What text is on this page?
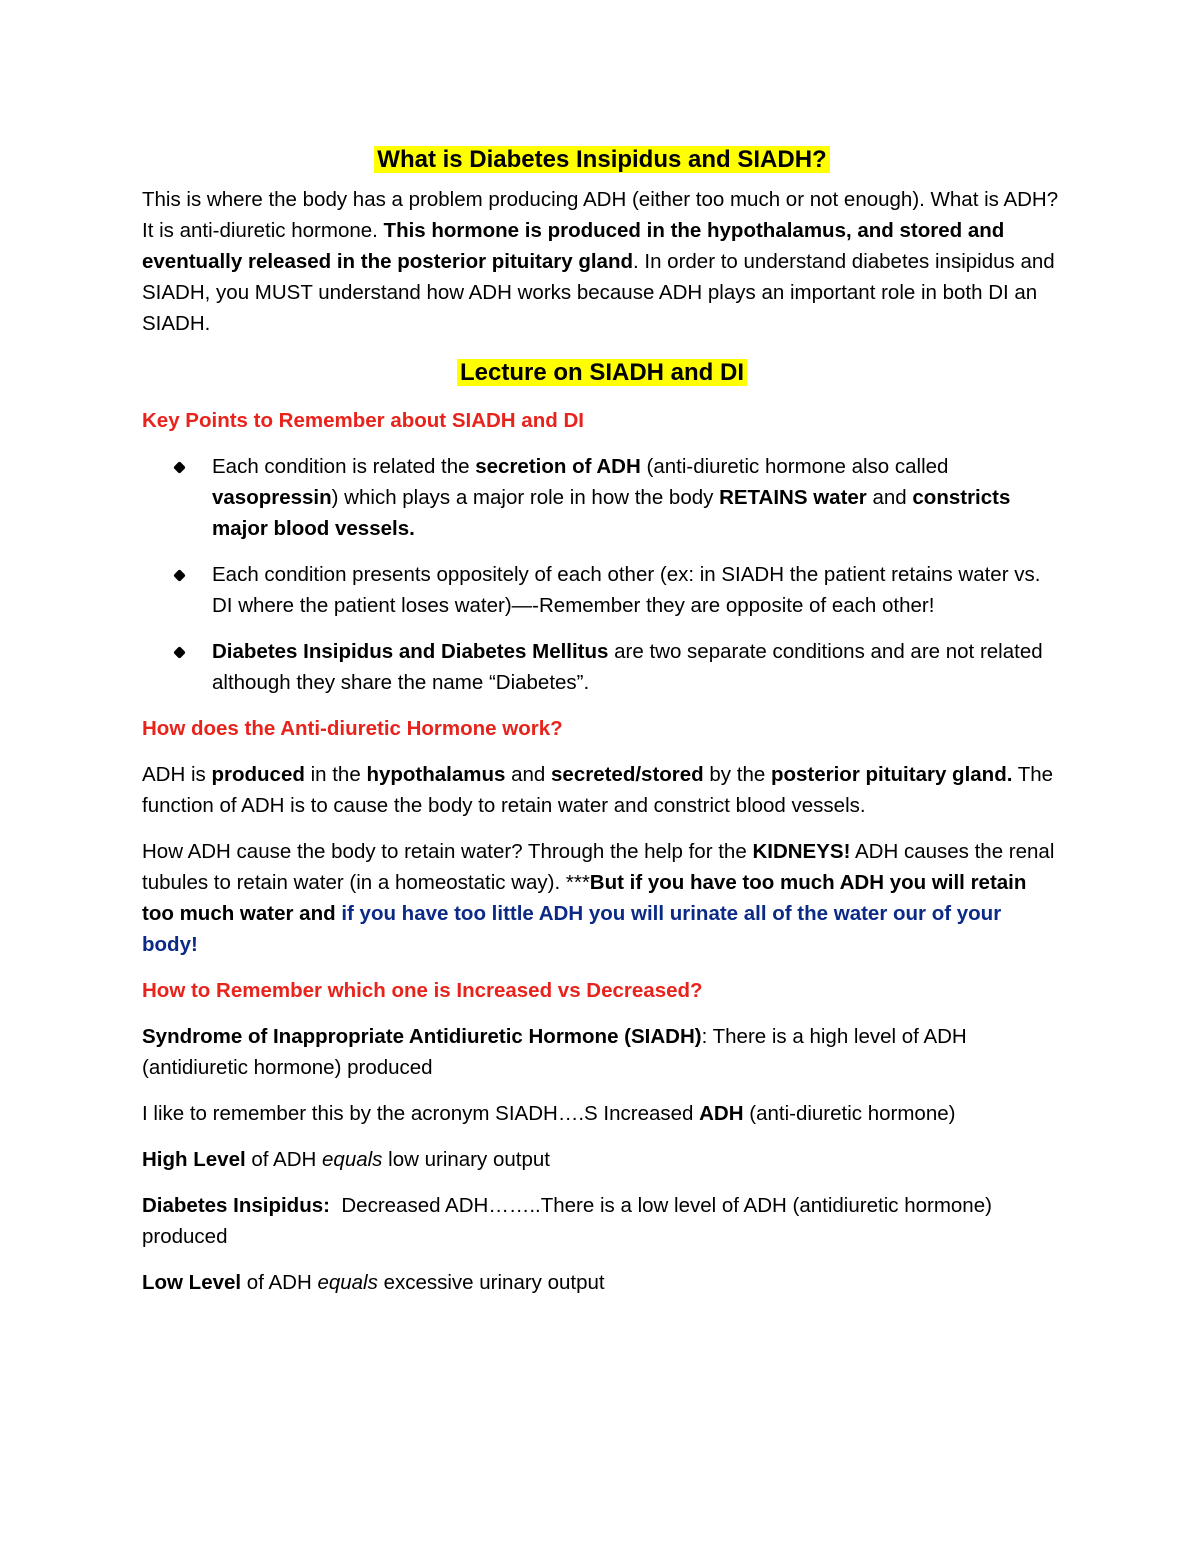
What is Diabetes Insipidus and SIADH?

This is where the body has a problem producing ADH (either too much or not enough). What is ADH? It is anti-diuretic hormone. This hormone is produced in the hypothalamus, and stored and eventually released in the posterior pituitary gland. In order to understand diabetes insipidus and SIADH, you MUST understand how ADH works because ADH plays an important role in both DI an SIADH.

Lecture on SIADH and DI

Key Points to Remember about SIADH and DI

Each condition is related the secretion of ADH (anti-diuretic hormone also called vasopressin) which plays a major role in how the body RETAINS water and constricts major blood vessels.
Each condition presents oppositely of each other (ex: in SIADH the patient retains water vs. DI where the patient loses water)—-Remember they are opposite of each other!
Diabetes Insipidus and Diabetes Mellitus are two separate conditions and are not related although they share the name “Diabetes”.

How does the Anti-diuretic Hormone work?

ADH is produced in the hypothalamus and secreted/stored by the posterior pituitary gland. The function of ADH is to cause the body to retain water and constrict blood vessels.

How ADH cause the body to retain water? Through the help for the KIDNEYS! ADH causes the renal tubules to retain water (in a homeostatic way). ***But if you have too much ADH you will retain too much water and if you have too little ADH you will urinate all of the water our of your body!

How to Remember which one is Increased vs Decreased?

Syndrome of Inappropriate Antidiuretic Hormone (SIADH): There is a high level of ADH (antidiuretic hormone) produced

I like to remember this by the acronym SIADH….S Increased ADH (anti-diuretic hormone)

High Level of ADH equals low urinary output

Diabetes Insipidus:  Decreased ADH……..There is a low level of ADH (antidiuretic hormone) produced

Low Level of ADH equals excessive urinary output
